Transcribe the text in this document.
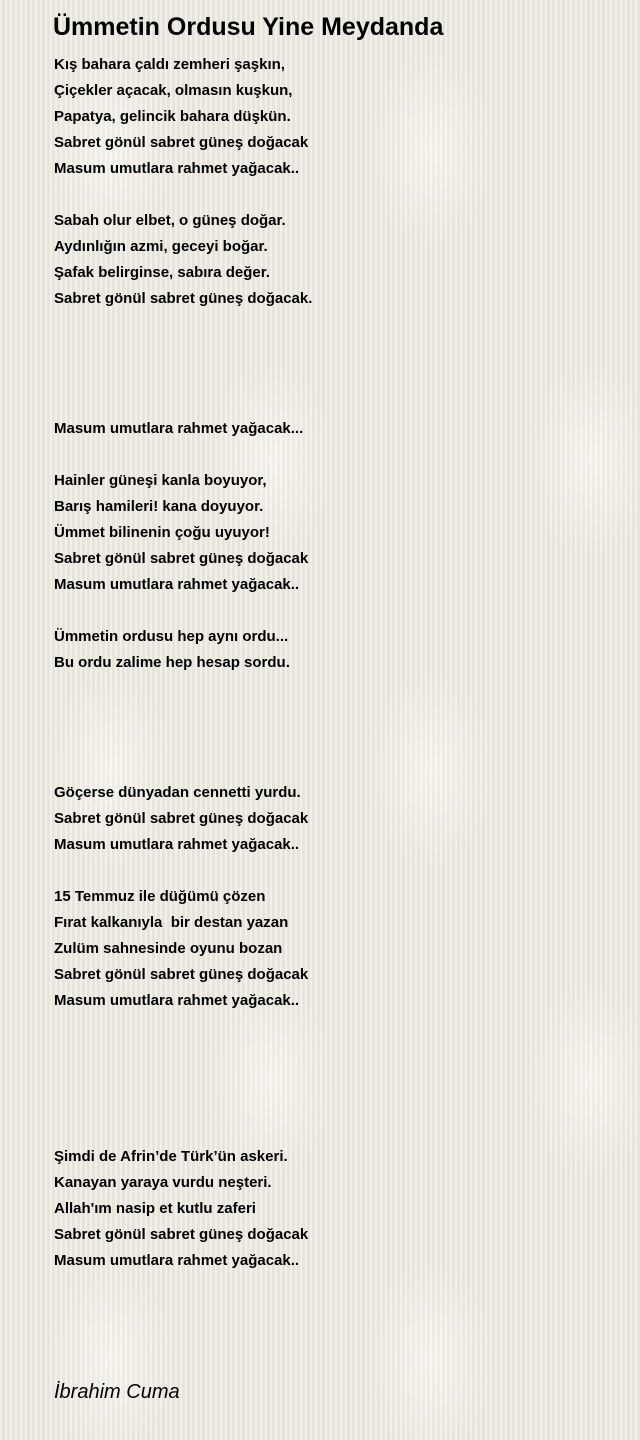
Ümmetin Ordusu Yine Meydanda
Kış bahara çaldı zemheri şaşkın,
Çiçekler açacak, olmasın kuşkun,
Papatya, gelincik bahara düşkün.
Sabret gönül sabret güneş doğacak
Masum umutlara rahmet yağacak..
Sabah olur elbet, o güneş doğar.
Aydınlığın azmi, geceyi boğar.
Şafak belirginse, sabıra değer.
Sabret gönül sabret güneş doğacak.
Masum umutlara rahmet yağacak...
Hainler güneşi kanla boyuyor,
Barış hamileri! kana doyuyor.
Ümmet bilinenin çoğu uyuyor!
Sabret gönül sabret güneş doğacak
Masum umutlara rahmet yağacak..
Ümmetin ordusu hep aynı ordu...
Bu ordu zalime hep hesap sordu.
Göçerse dünyadan cennetti yurdu.
Sabret gönül sabret güneş doğacak
Masum umutlara rahmet yağacak..
15 Temmuz ile düğümü çözen
Fırat kalkanıyla  bir destan yazan
Zulüm sahnesinde oyunu bozan
Sabret gönül sabret güneş doğacak
Masum umutlara rahmet yağacak..
Şimdi de Afrin’de Türk’ün askeri.
Kanayan yaraya vurdu neşteri.
Allah'ım nasip et kutlu zaferi
Sabret gönül sabret güneş doğacak
Masum umutlara rahmet yağacak..
İbrahim Cuma
